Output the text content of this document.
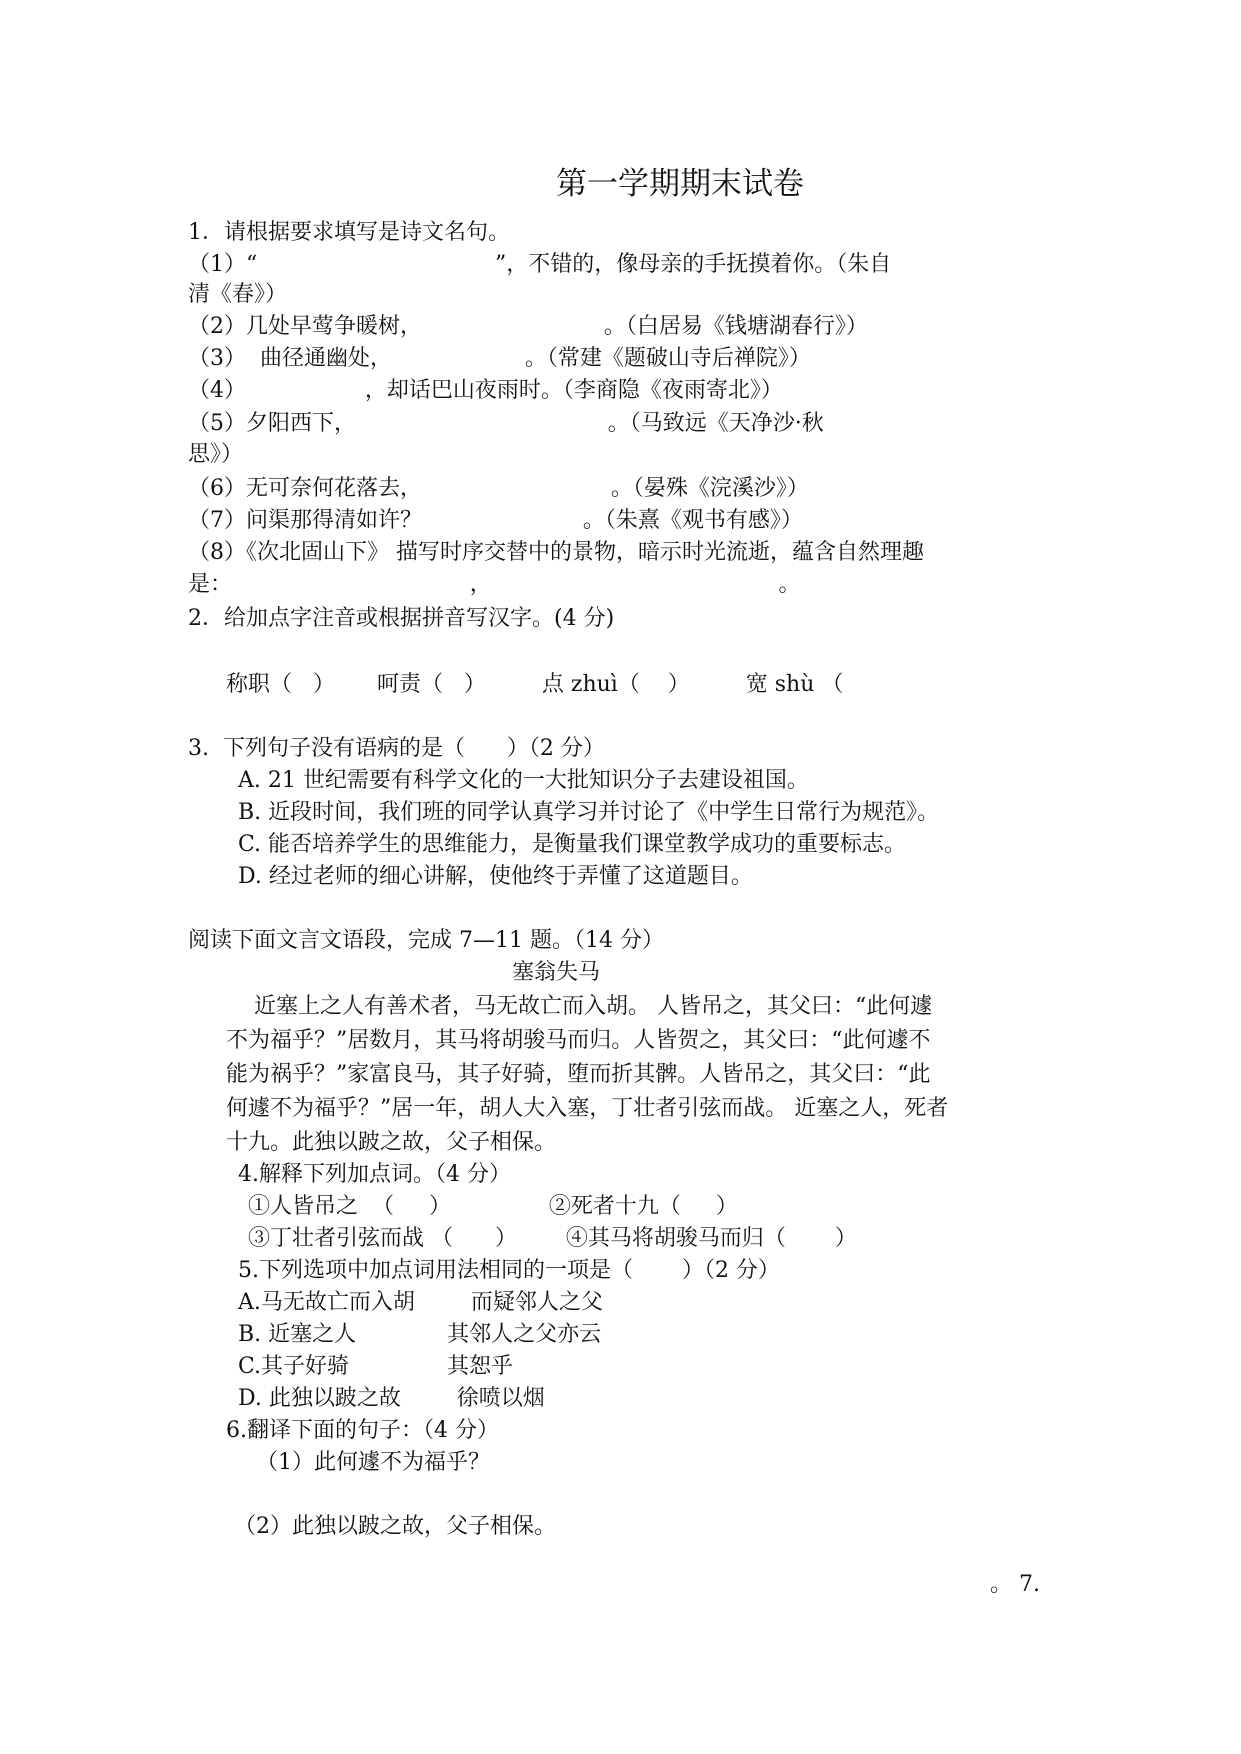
第一学期期末试卷
1．请根据要求填写是诗文名句。
（1）“                                  ”，不错的，像母亲的手抚摸着你。（朱自
清《春》）
（2）几处早莺争暖树，                          。（白居易《钱塘湖春行》）
（3）  曲径通幽处，                   。（常建《题破山寺后禅院》）
（4）                 ，却话巴山夜雨时。（李商隐《夜雨寄北》）
（5）夕阳西下，                                    。（马致远《天净沙·秋
思》）
（6）无可奈何花落去，                           。（晏殊《浣溪沙》）
（7）问渠那得清如许？                       。（朱熹《观书有感》）
（8）《次北固山下》 描写时序交替中的景物，暗示时光流逝，蕴含自然理趣
是：                                  ，                                         。
2．给加点字注音或根据拼音写汉字。(4 分)
称职（   ）      呵责（   ）        点 zhuì（    ）        宽 shù （
3.  下列句子没有语病的是（      ）（2 分）
A. 21 世纪需要有科学文化的一大批知识分子去建设祖国。
B. 近段时间，我们班的同学认真学习并讨论了《中学生日常行为规范》。
C. 能否培养学生的思维能力，是衡量我们课堂教学成功的重要标志。
D. 经过老师的细心讲解，使他终于弄懂了这道题目。
阅读下面文言文语段，完成 7—11 题。（14 分）
塞翁失马
近塞上之人有善术者，马无故亡而入胡。 人皆吊之，其父曰：“此何遽
不为福乎？”居数月，其马将胡骏马而归。人皆贺之，其父曰：“此何遽不
能为祸乎？”家富良马，其子好骑，堕而折其髀。人皆吊之，其父曰：“此
何遽不为福乎？”居一年，胡人大入塞，丁壮者引弦而战。 近塞之人，死者
十九。此独以跛之故，父子相保。
4.解释下列加点词。（4 分）
①人皆吊之  （     ）              ②死者十九（     ）
③丁壮者引弦而战 （      ）       ④其马将胡骏马而归（       ）
5.下列选项中加点词用法相同的一项是（       ）（2 分）
A.马无故亡而入胡        而疑邻人之父
B. 近塞之人             其邻人之父亦云
C.其子好骑              其恕乎
D. 此独以跛之故        徐喷以烟
6.翻译下面的句子：（4 分）
（1）此何遽不为福乎？
（2）此独以跛之故，父子相保。
。 7.
